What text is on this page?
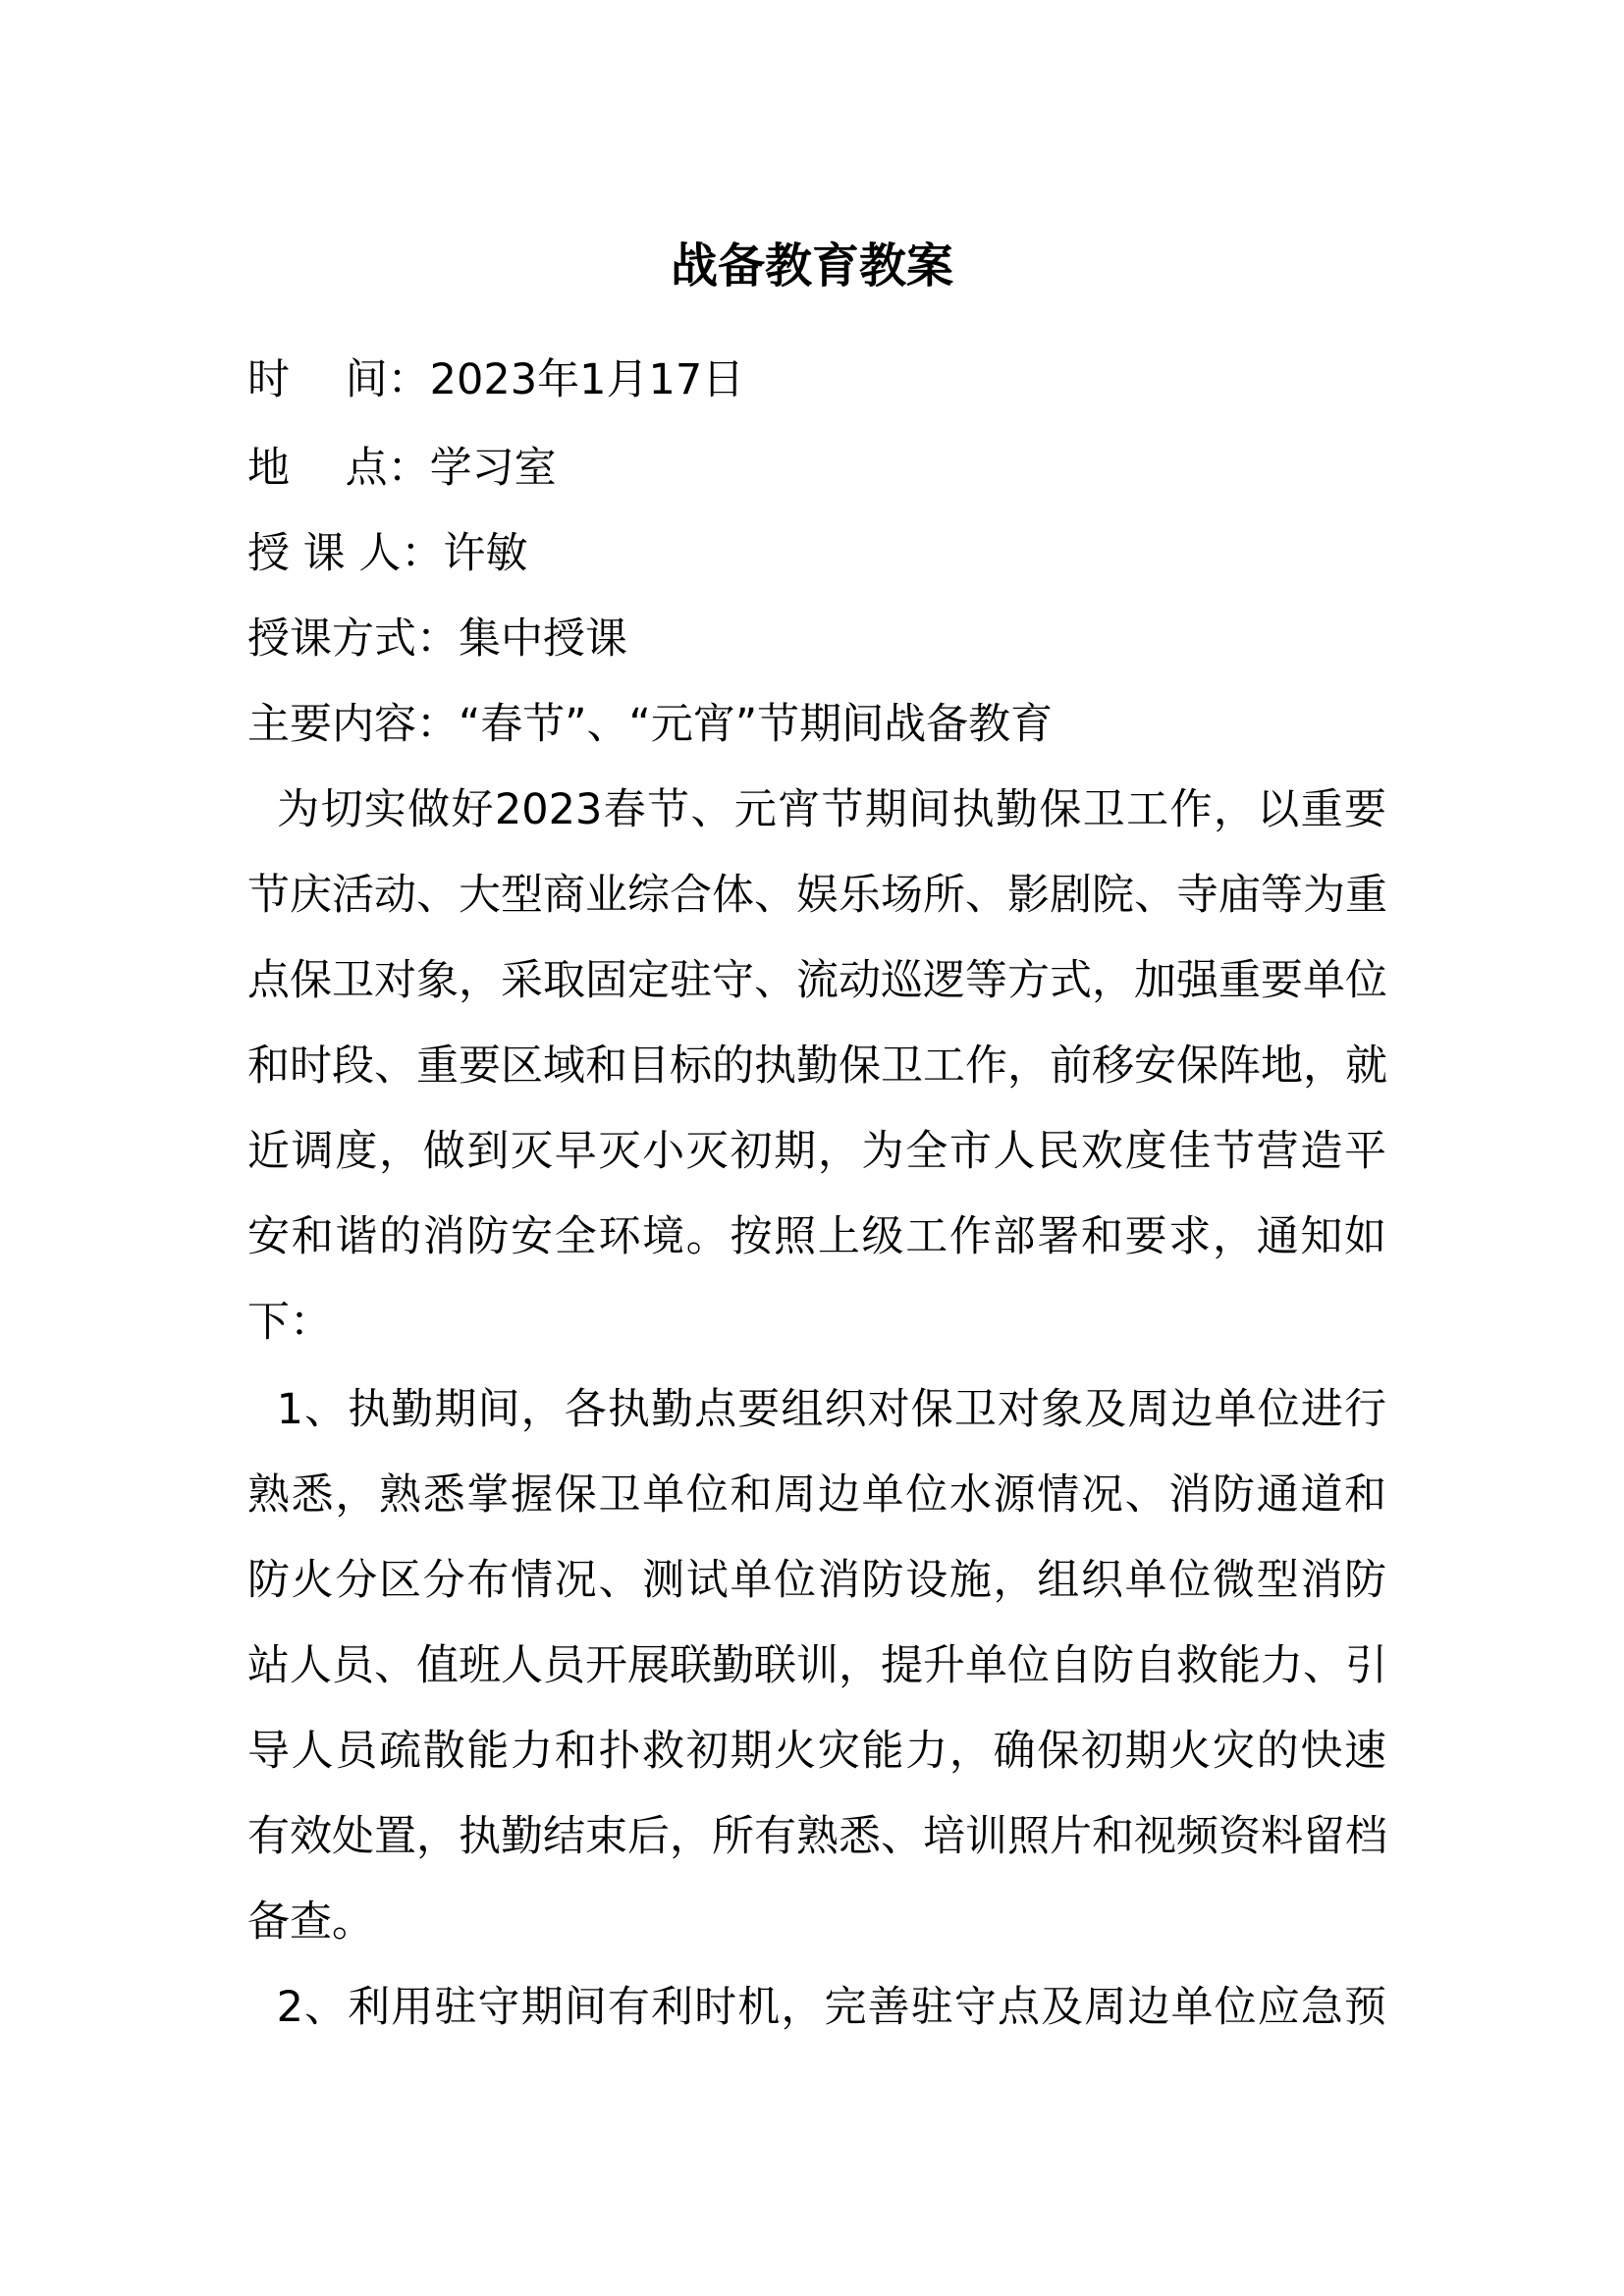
战备教育教案
时　 间：2023年1月17日
地　 点：学习室
授 课 人：许敏
授课方式：集中授课
主要内容：“春节”、“元宵”节期间战备教育
为切实做好2023春节、元宵节期间执勤保卫工作，以重要
节庆活动、大型商业综合体、娱乐场所、影剧院、寺庙等为重
点保卫对象，采取固定驻守、流动巡逻等方式，加强重要单位
和时段、重要区域和目标的执勤保卫工作，前移安保阵地，就
近调度，做到灭早灭小灭初期，为全市人民欢度佳节营造平
安和谐的消防安全环境。按照上级工作部署和要求，通知如
下：
1、执勤期间，各执勤点要组织对保卫对象及周边单位进行
熟悉，熟悉掌握保卫单位和周边单位水源情况、消防通道和
防火分区分布情况、测试单位消防设施，组织单位微型消防
站人员、值班人员开展联勤联训，提升单位自防自救能力、引
导人员疏散能力和扑救初期火灾能力，确保初期火灾的快速
有效处置，执勤结束后，所有熟悉、培训照片和视频资料留档
备查。
2、利用驻守期间有利时机，完善驻守点及周边单位应急预
